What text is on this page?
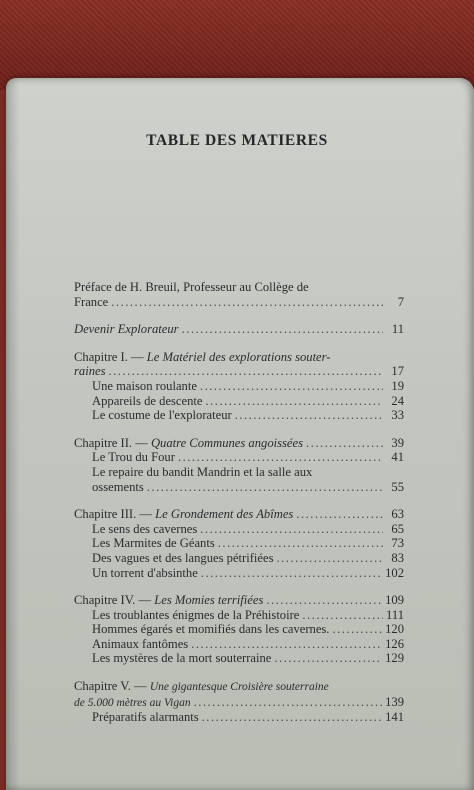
TABLE DES MATIERES
Préface de H. Breuil, Professeur au Collège de
France .....	7
Devenir Explorateur .....	11
Chapitre I. — Le Matériel des explorations souter-
raines .....	17
Une maison roulante .....	19
Appareils de descente .....	24
Le costume de l'explorateur .....	33
Chapitre II. —
Quatre Communes angoissées .....	39
Le Trou du Four .....	41
Le repaire du bandit Mandrin et la salle aux
ossements .....	55
Chapitre III. —
Le Grondement des Abîmes .....	63
Le sens des cavernes .....	65
Les Marmites de Géants .....	73
Des vagues et des langues pétrifiées .....	83
Un torrent d'absinthe .....	102
Chapitre IV. —
Les Momies terrifiées .....	109
Les troublantes énigmes de la Préhistoire .....	111
Hommes égarés et momifiés dans les cavernes. .....	120
Animaux fantômes .....	126
Les mystères de la mort souterraine .....	129
Chapitre V. — Une gigantesque Croisière souterraine
de 5.000 mètres au Vigan .....	139
Préparatifs alarmants .....	141
